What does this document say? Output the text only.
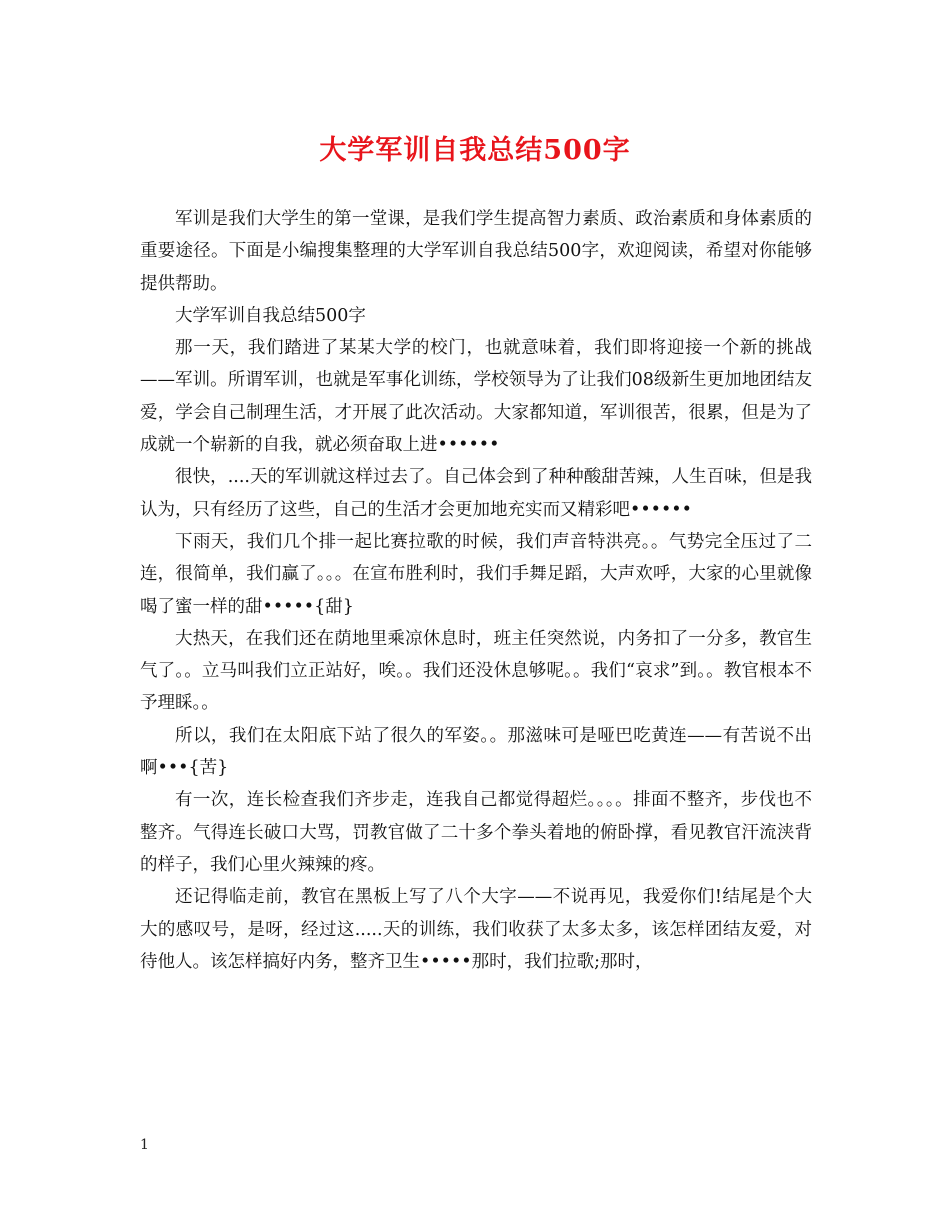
大学军训自我总结500字

军训是我们大学生的第一堂课，是我们学生提高智力素质、政治素质和身体素质的重要途径。下面是小编搜集整理的大学军训自我总结500字，欢迎阅读，希望对你能够提供帮助。

大学军训自我总结500字

那一天，我们踏进了某某大学的校门，也就意味着，我们即将迎接一个新的挑战——军训。所谓军训，也就是军事化训练，学校领导为了让我们08级新生更加地团结友爱，学会自己制理生活，才开展了此次活动。大家都知道，军训很苦，很累，但是为了成就一个崭新的自我，就必须奋取上进••••••

很快，....天的军训就这样过去了。自己体会到了种种酸甜苦辣，人生百味，但是我认为，只有经历了这些，自己的生活才会更加地充实而又精彩吧••••••

下雨天，我们几个排一起比赛拉歌的时候，我们声音特洪亮。。气势完全压过了二连，很简单，我们赢了。。。在宣布胜利时，我们手舞足蹈，大声欢呼，大家的心里就像喝了蜜一样的甜•••••{甜}

大热天，在我们还在荫地里乘凉休息时，班主任突然说，内务扣了一分多，教官生气了。。立马叫我们立正站好，唉。。我们还没休息够呢。。我们“哀求”到。。教官根本不予理睬。。

所以，我们在太阳底下站了很久的军姿。。那滋味可是哑巴吃黄连——有苦说不出啊•••{苦}

有一次，连长检查我们齐步走，连我自己都觉得超烂。。。。排面不整齐，步伐也不整齐。气得连长破口大骂，罚教官做了二十多个拳头着地的俯卧撑，看见教官汗流浃背的样子，我们心里火辣辣的疼。

还记得临走前，教官在黑板上写了八个大字——不说再见，我爱你们!结尾是个大大的感叹号，是呀，经过这.....天的训练，我们收获了太多太多，该怎样团结友爱，对待他人。该怎样搞好内务，整齐卫生•••••那时，我们拉歌;那时，

1
